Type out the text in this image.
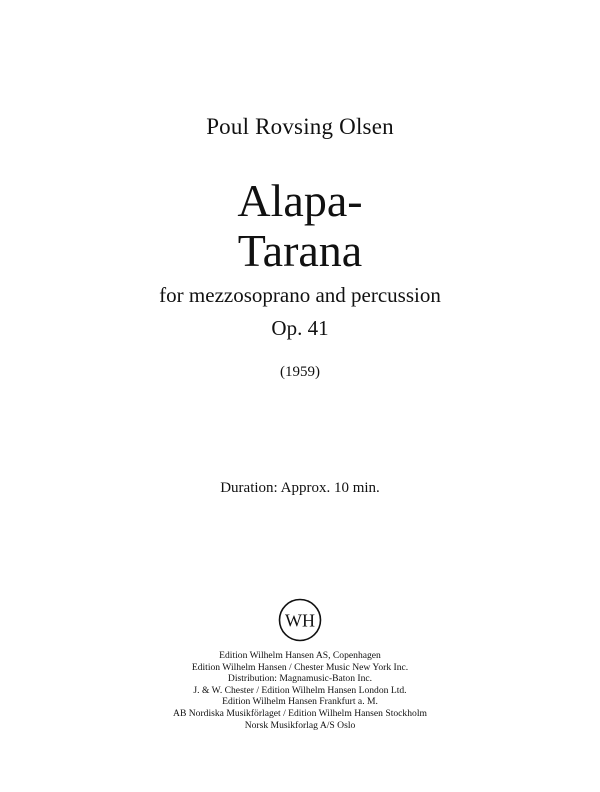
Poul Rovsing Olsen
Alapa-
Tarana
for mezzosoprano and percussion
Op. 41
(1959)
Duration: Approx. 10 min.
WH
Edition Wilhelm Hansen AS, Copenhagen
Edition Wilhelm Hansen / Chester Music New York Inc.
Distribution: Magnamusic-Baton Inc.
J. & W. Chester / Edition Wilhelm Hansen London Ltd.
Edition Wilhelm Hansen Frankfurt a. M.
AB Nordiska Musikförlaget / Edition Wilhelm Hansen Stockholm
Norsk Musikforlag A/S Oslo
